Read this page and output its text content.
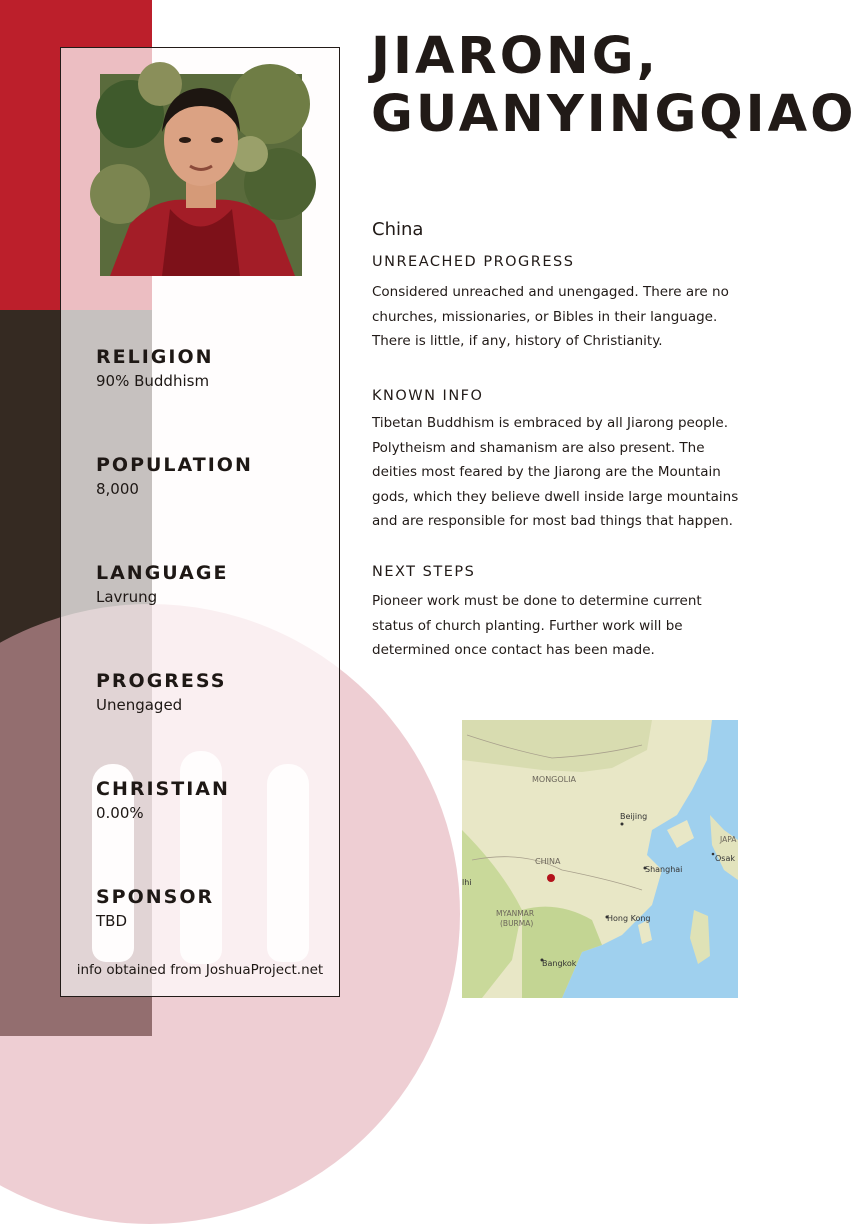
RELIGION
90% Buddhism
POPULATION
8,000
LANGUAGE
Lavrung
PROGRESS
Unengaged
CHRISTIAN
0.00%
SPONSOR
TBD
info obtained from JoshuaProject.net
JIARONG, GUANYINGQIAO
China
UNREACHED PROGRESS
Considered unreached and unengaged. There are no churches, missionaries, or Bibles in their language. There is little, if any, history of Christianity.
KNOWN INFO
Tibetan Buddhism is embraced by all Jiarong people. Polytheism and shamanism are also present. The deities most feared by the Jiarong are the Mountain gods, which they believe dwell inside large mountains and are responsible for most bad things that happen.
NEXT STEPS
Pioneer work must be done to determine current status of church planting. Further work will be determined once contact has been made.
MONGOLIA
Beijing
CHINA
Shanghai
lhi
MYANMAR
(BURMA)
Hong Kong
Bangkok
JAPA
Osak
